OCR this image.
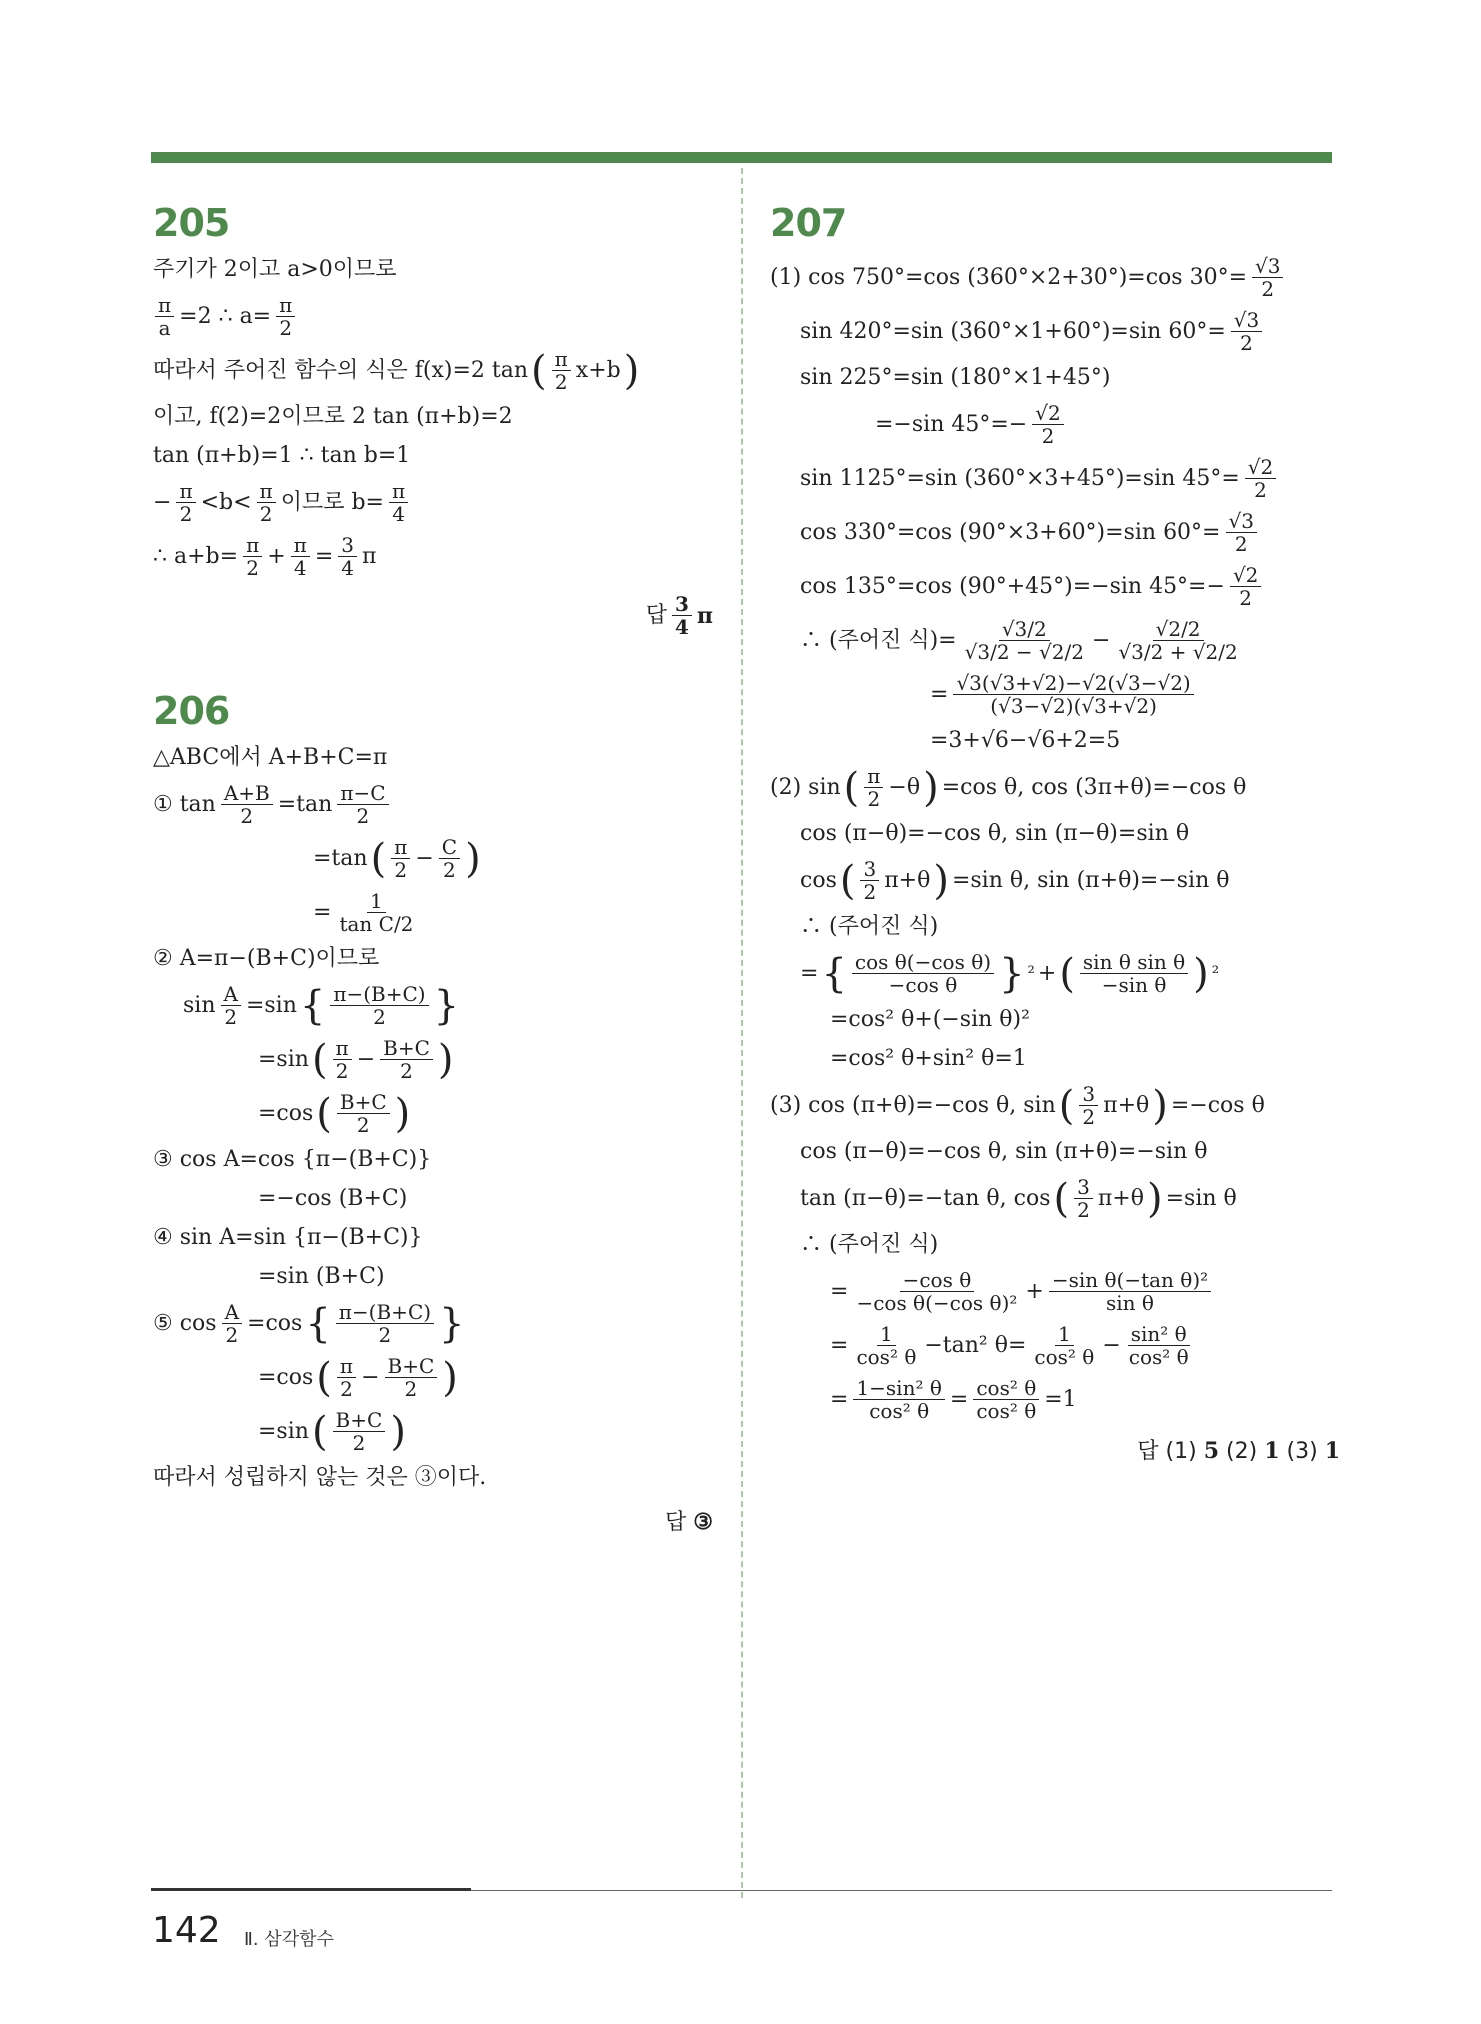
205
주기가 2이고 a>0이므로
$\frac{\pi}{a} =2$ ∴ $a= \frac{\pi}{2}$
따라서 주어진 함수의 식은 f(x)=2 tan ( $\frac{\pi}{2} x+b$ )
이고, f(2)=2이므로 2 tan (π+b)=2
tan (π+b)=1 ∴ tan b=1
− $\frac{\pi}{2} <b< \frac{\pi}{2}$ 이므로 $b= \frac{\pi}{4}$
∴ $a+b= \frac{\pi}{2} + \frac{\pi}{4} = \frac{3}{4}$ π
답 $\frac{3}{4}$ π
206
△ABC에서 A+B+C=π
① $\tan \frac{A+B}{2} =\tan \frac{\pi-C}{2}$
=tan ( $\frac{\pi}{2} - \frac{C}{2}$ )
= $\frac{1}{\text{tan C/2}}$
② A=π−(B+C)이므로
$\sin \frac{A}{2} =\sin$ { $\frac{\pi-(B+C)}{2}$ }
=sin ( $\frac{\pi}{2} - \frac{B+C}{2}$ )
=cos ( $\frac{B+C}{2}$ )
③ cos A=cos {π−(B+C)}
=−cos (B+C)
④ sin A=sin {π−(B+C)}
=sin (B+C)
⑤ $\cos \frac{A}{2} =\cos$ { $\frac{\pi-(B+C)}{2}$ }
=cos ( $\frac{\pi}{2} - \frac{B+C}{2}$ )
=sin ( $\frac{B+C}{2}$ )
따라서 성립하지 않는 것은 ③이다.
답 ③
207
(1) cos 750°=cos (360°×2+30°)=cos $30^\circ= \frac{√3}{2}$
sin 420°=sin (360°×1+60°)=sin $60^\circ= \frac{√3}{2}$
sin 225°=sin (180°×1+45°)
=−sin $45^\circ=- \frac{√2}{2}$
sin 1125°=sin (360°×3+45°)=sin $45^\circ= \frac{√2}{2}$
cos 330°=cos (90°×3+60°)=sin $60^\circ= \frac{√3}{2}$
cos 135°=cos (90°+45°)=−sin $45^\circ=- \frac{√2}{2}$
∴ (주어진 식)= $\frac{√3/2}{√3/2 - √2/2} - \frac{√2/2}{√3/2 + √2/2}$
= $\frac{√3(√3+√2)-√2(√3-√2)}{(√3-√2)(√3+√2)}$
=3+√6−√6+2=5
(2) sin ( $\frac{\pi}{2} -\theta$ ) =cos θ, cos (3π+θ)=−cos θ
cos (π−θ)=−cos θ, sin (π−θ)=sin θ
cos ( $\frac{3}{2} \pi+\theta$ ) =sin θ, sin (π+θ)=−sin θ
∴ (주어진 식)
= { $\frac{\text{cos θ(−cos θ)}}{\text{−cos θ}}$ } ² + ( $\frac{\text{sin θ sin θ}}{\text{−sin θ}}$ ) ²
=cos² θ+(−sin θ)²
=cos² θ+sin² θ=1
(3) cos (π+θ)=−cos θ, sin ( $\frac{3}{2} \pi+\theta$ ) =−cos θ
cos (π−θ)=−cos θ, sin (π+θ)=−sin θ
tan (π−θ)=−tan θ, cos ( $\frac{3}{2} \pi+\theta$ ) =sin θ
∴ (주어진 식)
= $\frac{\text{−cos θ}}{\text{−cos θ(−cos θ)²}} + \frac{\text{−sin θ(−tan θ)²}}{\text{sin θ}}$
= $\frac{1}{\text{cos² θ}} -\tan^2$ $\theta= \frac{1}{\text{cos² θ}} - \frac{\text{sin² θ}}{\text{cos² θ}}$
= $\frac{\text{1−sin² θ}}{\text{cos² θ}} = \frac{\text{cos² θ}}{\text{cos² θ}} =1$
답 (1) 5 (2) 1 (3) 1
142 Ⅱ. 삼각함수
